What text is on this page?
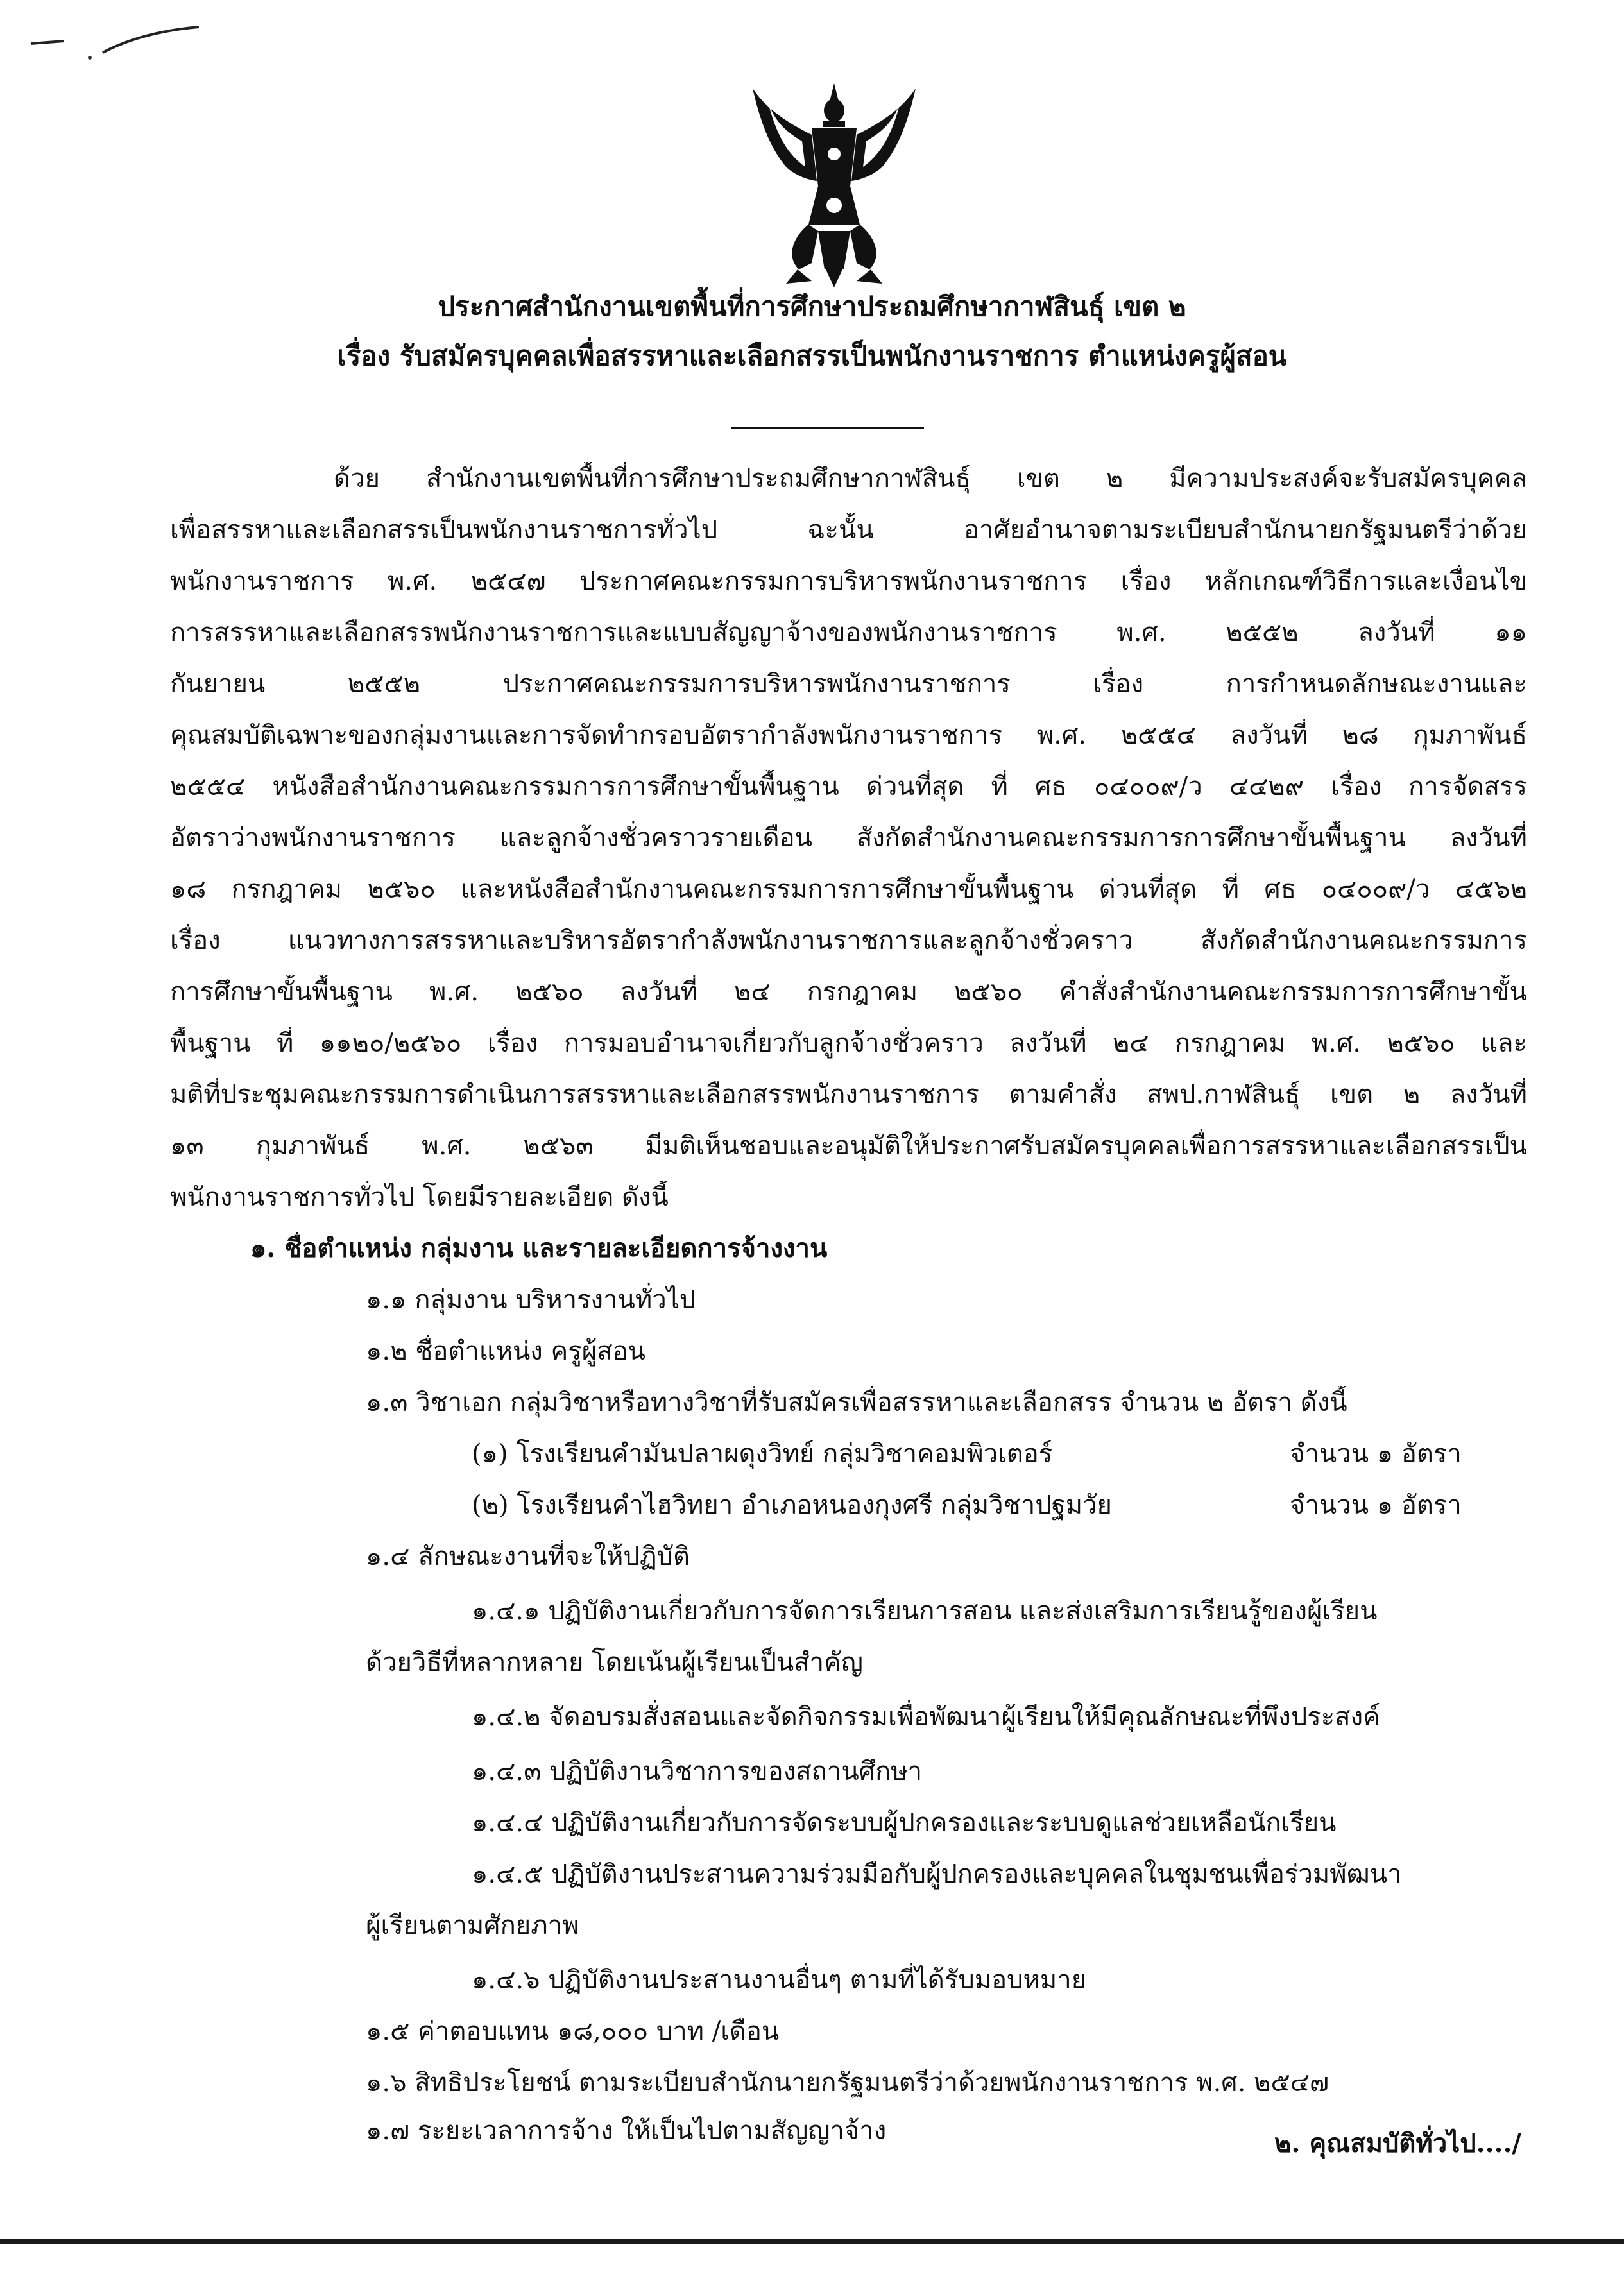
ประกาศสำนักงานเขตพื้นที่การศึกษาประถมศึกษากาฬสินธุ์ เขต ๒
เรื่อง รับสมัครบุคคลเพื่อสรรหาและเลือกสรรเป็นพนักงานราชการ ตำแหน่งครูผู้สอน
ด้วย สำนักงานเขตพื้นที่การศึกษาประถมศึกษากาฬสินธุ์ เขต ๒ มีความประสงค์จะรับสมัครบุคคล
เพื่อสรรหาและเลือกสรรเป็นพนักงานราชการทั่วไป ฉะนั้น อาศัยอำนาจตามระเบียบสำนักนายกรัฐมนตรีว่าด้วย
พนักงานราชการ พ.ศ. ๒๕๔๗ ประกาศคณะกรรมการบริหารพนักงานราชการ เรื่อง หลักเกณฑ์วิธีการและเงื่อนไข
การสรรหาและเลือกสรรพนักงานราชการและแบบสัญญาจ้างของพนักงานราชการ พ.ศ. ๒๕๕๒ ลงวันที่ ๑๑
กันยายน ๒๕๕๒ ประกาศคณะกรรมการบริหารพนักงานราชการ เรื่อง การกำหนดลักษณะงานและ
คุณสมบัติเฉพาะของกลุ่มงานและการจัดทำกรอบอัตรากำลังพนักงานราชการ พ.ศ. ๒๕๕๔ ลงวันที่ ๒๘ กุมภาพันธ์
๒๕๕๔ หนังสือสำนักงานคณะกรรมการการศึกษาขั้นพื้นฐาน ด่วนที่สุด ที่ ศธ ๐๔๐๐๙/ว ๔๔๒๙ เรื่อง การจัดสรร
อัตราว่างพนักงานราชการ และลูกจ้างชั่วคราวรายเดือน สังกัดสำนักงานคณะกรรมการการศึกษาขั้นพื้นฐาน ลงวันที่
๑๘ กรกฎาคม ๒๕๖๐ และหนังสือสำนักงานคณะกรรมการการศึกษาขั้นพื้นฐาน ด่วนที่สุด ที่ ศธ ๐๔๐๐๙/ว ๔๕๖๒
เรื่อง แนวทางการสรรหาและบริหารอัตรากำลังพนักงานราชการและลูกจ้างชั่วคราว สังกัดสำนักงานคณะกรรมการ
การศึกษาขั้นพื้นฐาน พ.ศ. ๒๕๖๐ ลงวันที่ ๒๔ กรกฎาคม ๒๕๖๐ คำสั่งสำนักงานคณะกรรมการการศึกษาขั้น
พื้นฐาน ที่ ๑๑๒๐/๒๕๖๐ เรื่อง การมอบอำนาจเกี่ยวกับลูกจ้างชั่วคราว ลงวันที่ ๒๔ กรกฎาคม พ.ศ. ๒๕๖๐ และ
มติที่ประชุมคณะกรรมการดำเนินการสรรหาและเลือกสรรพนักงานราชการ ตามคำสั่ง สพป.กาฬสินธุ์ เขต ๒ ลงวันที่
๑๓ กุมภาพันธ์ พ.ศ. ๒๕๖๓ มีมติเห็นชอบและอนุมัติให้ประกาศรับสมัครบุคคลเพื่อการสรรหาและเลือกสรรเป็น
พนักงานราชการทั่วไป โดยมีรายละเอียด ดังนี้
๑. ชื่อตำแหน่ง กลุ่มงาน และรายละเอียดการจ้างงาน
๑.๑ กลุ่มงาน บริหารงานทั่วไป
๑.๒ ชื่อตำแหน่ง ครูผู้สอน
๑.๓ วิชาเอก กลุ่มวิชาหรือทางวิชาที่รับสมัครเพื่อสรรหาและเลือกสรร จำนวน ๒ อัตรา ดังนี้
(๑) โรงเรียนคำมันปลาผดุงวิทย์ กลุ่มวิชาคอมพิวเตอร์	จำนวน ๑ อัตรา
(๒) โรงเรียนคำไฮวิทยา อำเภอหนองกุงศรี กลุ่มวิชาปฐมวัย	จำนวน ๑ อัตรา
๑.๔ ลักษณะงานที่จะให้ปฏิบัติ
๑.๔.๑ ปฏิบัติงานเกี่ยวกับการจัดการเรียนการสอน และส่งเสริมการเรียนรู้ของผู้เรียน
ด้วยวิธีที่หลากหลาย โดยเน้นผู้เรียนเป็นสำคัญ
๑.๔.๒ จัดอบรมสั่งสอนและจัดกิจกรรมเพื่อพัฒนาผู้เรียนให้มีคุณลักษณะที่พึงประสงค์
๑.๔.๓ ปฏิบัติงานวิชาการของสถานศึกษา
๑.๔.๔ ปฏิบัติงานเกี่ยวกับการจัดระบบผู้ปกครองและระบบดูแลช่วยเหลือนักเรียน
๑.๔.๕ ปฏิบัติงานประสานความร่วมมือกับผู้ปกครองและบุคคลในชุมชนเพื่อร่วมพัฒนา
ผู้เรียนตามศักยภาพ
๑.๔.๖ ปฏิบัติงานประสานงานอื่นๆ ตามที่ได้รับมอบหมาย
๑.๕ ค่าตอบแทน ๑๘,๐๐๐ บาท /เดือน
๑.๖ สิทธิประโยชน์ ตามระเบียบสำนักนายกรัฐมนตรีว่าด้วยพนักงานราชการ พ.ศ. ๒๕๔๗
๑.๗ ระยะเวลาการจ้าง ให้เป็นไปตามสัญญาจ้าง	๒. คุณสมบัติทั่วไป..../
